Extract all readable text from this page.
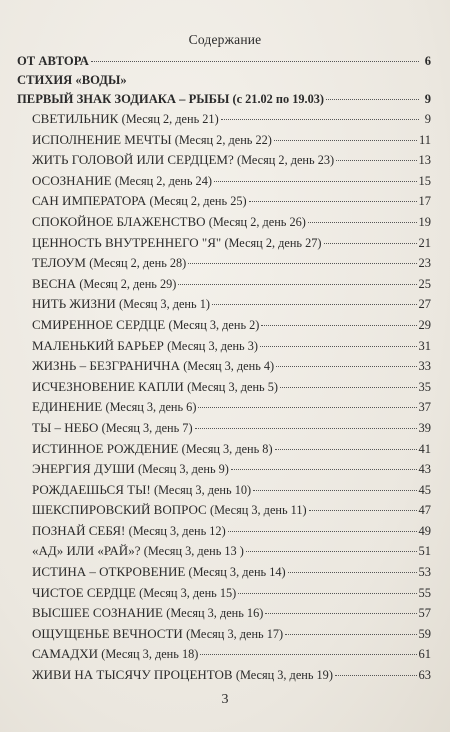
Содержание
ОТ АВТОРА	6
СТИХИЯ «ВОДЫ»
ПЕРВЫЙ ЗНАК ЗОДИАКА – РЫБЫ (с 21.02 по 19.03)	9
СВЕТИЛЬНИК (Месяц 2, день 21)	9
ИСПОЛНЕНИЕ МЕЧТЫ (Месяц 2, день 22)	11
ЖИТЬ ГОЛОВОЙ ИЛИ СЕРДЦЕМ? (Месяц 2, день 23)	13
ОСОЗНАНИЕ (Месяц 2, день 24)	15
САН ИМПЕРАТОРА (Месяц 2, день 25)	17
СПОКОЙНОЕ БЛАЖЕНСТВО (Месяц 2, день 26)	19
ЦЕННОСТЬ ВНУТРЕННЕГО "Я" (Месяц 2, день 27)	21
ТЕЛОУМ (Месяц 2, день 28)	23
ВЕСНА (Месяц 2, день 29)	25
НИТЬ ЖИЗНИ (Месяц 3, день 1)	27
СМИРЕННОЕ СЕРДЦЕ (Месяц 3, день 2)	29
МАЛЕНЬКИЙ БАРЬЕР (Месяц 3, день 3)	31
ЖИЗНЬ – БЕЗГРАНИЧНА (Месяц 3, день 4)	33
ИСЧЕЗНОВЕНИЕ КАПЛИ (Месяц 3, день 5)	35
ЕДИНЕНИЕ (Месяц 3, день 6)	37
ТЫ – НЕБО (Месяц 3, день 7)	39
ИСТИННОЕ РОЖДЕНИЕ (Месяц 3, день 8)	41
ЭНЕРГИЯ ДУШИ (Месяц 3, день 9)	43
РОЖДАЕШЬСЯ ТЫ! (Месяц 3, день 10)	45
ШЕКСПИРОВСКИЙ ВОПРОС (Месяц 3, день 11)	47
ПОЗНАЙ СЕБЯ! (Месяц 3, день 12)	49
«АД» ИЛИ «РАЙ»? (Месяц 3, день 13 )	51
ИСТИНА – ОТКРОВЕНИЕ (Месяц 3, день 14)	53
ЧИСТОЕ СЕРДЦЕ (Месяц 3, день 15)	55
ВЫСШЕЕ СОЗНАНИЕ (Месяц 3, день 16)	57
ОЩУЩЕНЬЕ ВЕЧНОСТИ (Месяц 3, день 17)	59
САМАДХИ (Месяц 3, день 18)	61
ЖИВИ НА ТЫСЯЧУ ПРОЦЕНТОВ (Месяц 3, день 19)	63
3
